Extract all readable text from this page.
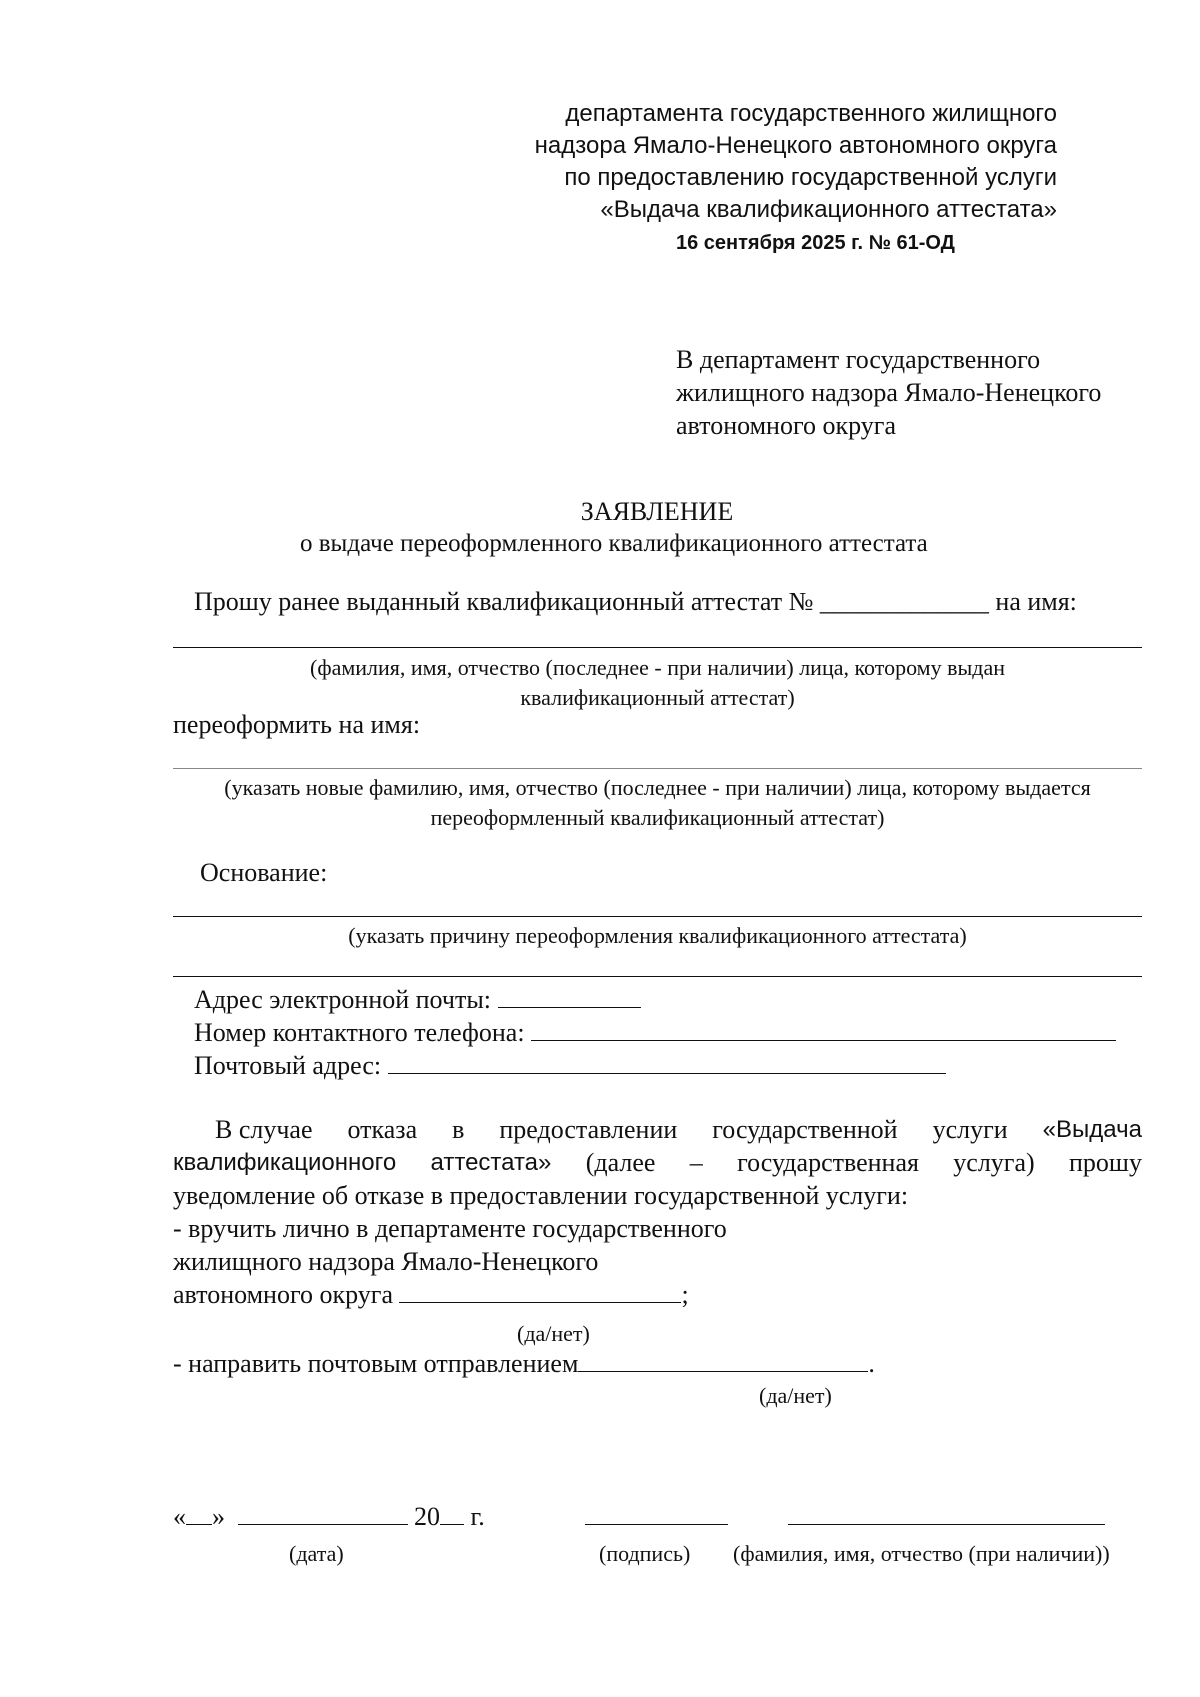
департамента государственного жилищного
надзора Ямало-Ненецкого автономного округа
по предоставлению государственной услуги
«Выдача квалификационного аттестата»
16 сентября 2025 г. № 61-ОД
В департамент государственного
жилищного надзора Ямало-Ненецкого
автономного округа
ЗАЯВЛЕНИЕ
о выдаче переоформленного квалификационного аттестата
Прошу ранее выданный квалификационный аттестат № _____________ на имя:
(фамилия, имя, отчество (последнее - при наличии) лица, которому выдан
квалификационный аттестат)
переоформить на имя:
(указать новые фамилию, имя, отчество (последнее - при наличии) лица, которому выдается
переоформленный квалификационный аттестат)
Основание:
(указать причину переоформления квалификационного аттестата)
Адрес электронной почты:
Номер контактного телефона:
Почтовый адрес:
В случае отказа в предоставлении государственной услуги «Выдача
квалификационного аттестата» (далее – государственная услуга) прошу
уведомление об отказе в предоставлении государственной услуги:
- вручить лично в департаменте государственного
жилищного надзора Ямало-Ненецкого
автономного округа	;
(да/нет)
- направить почтовым отправлением	.
(да/нет)
« »	20 г.
(дата)	(подпись) (фамилия, имя, отчество (при наличии))
